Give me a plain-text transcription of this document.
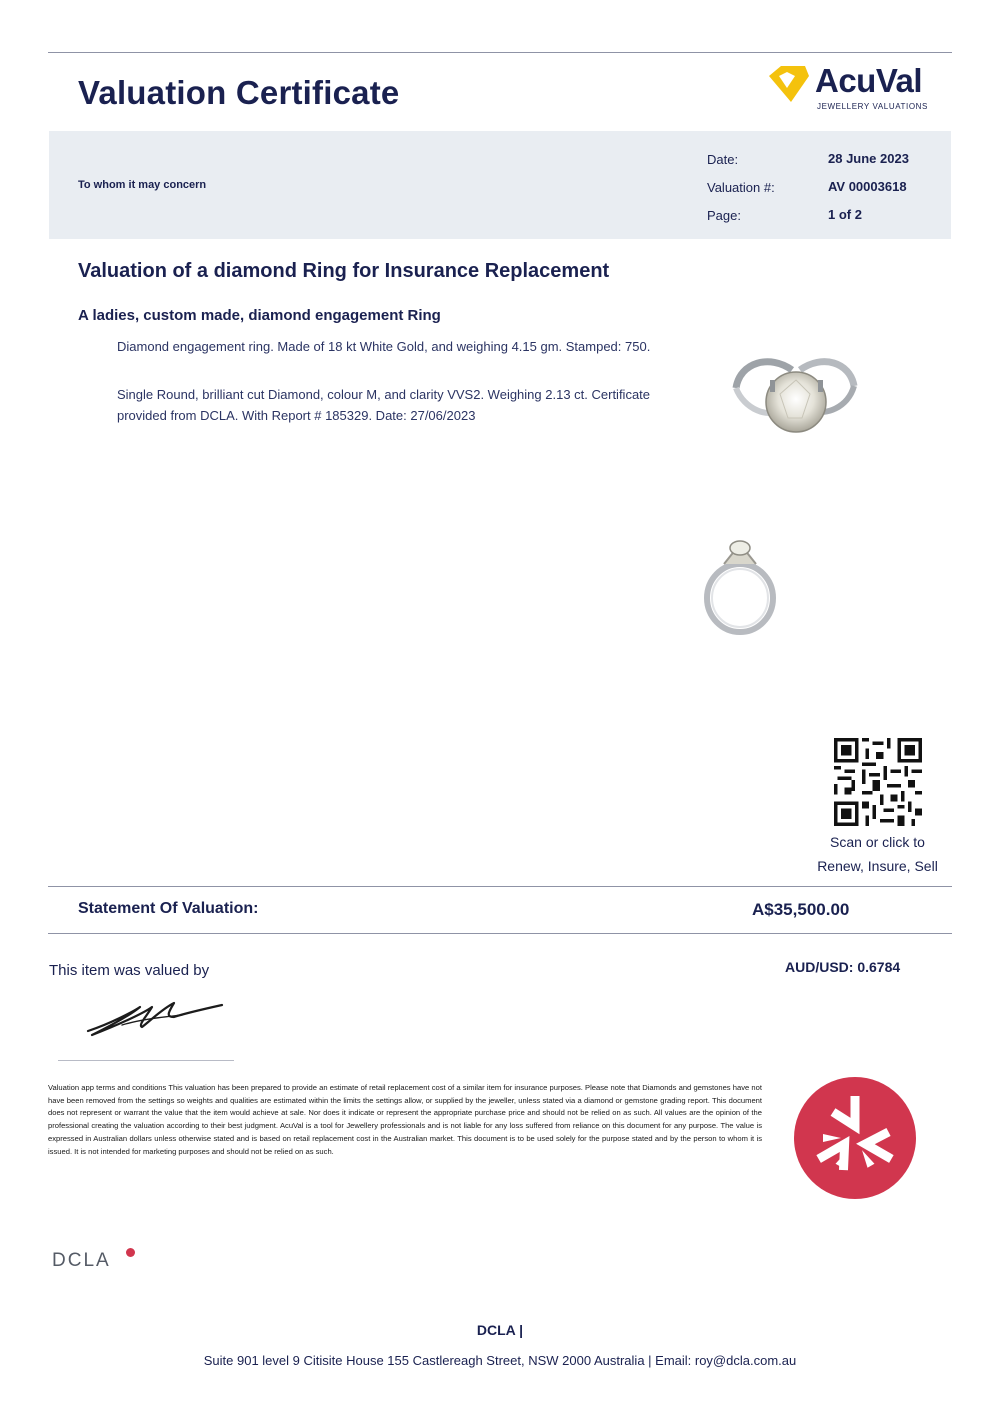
Valuation Certificate	AcuVal
JEWELLERY VALUATIONS
To whom it may concern
Date:	28 June 2023
Valuation #:	AV 00003618
Page:	1 of 2
Valuation of a diamond Ring for Insurance Replacement
A ladies, custom made, diamond engagement Ring
Diamond engagement ring. Made of 18 kt White Gold, and weighing 4.15 gm. Stamped: 750.
Single Round, brilliant cut Diamond, colour M, and clarity VVS2. Weighing 2.13 ct. Certificate provided from DCLA. With Report # 185329. Date: 27/06/2023
Scan or click to
Renew, Insure, Sell
Statement Of Valuation:	A$35,500.00
This item was valued by	AUD/USD: 0.6784
Valuation app terms and conditions This valuation has been prepared to provide an estimate of retail replacement cost of a similar item for insurance purposes. Please note that Diamonds and gemstones have not have been removed from the settings so weights and qualities are estimated within the limits the settings allow, or supplied by the jeweller, unless stated via a diamond or gemstone grading report. This document does not represent or warrant the value that the item would achieve at sale. Nor does it indicate or represent the appropriate purchase price and should not be relied on as such. All values are the opinion of the professional creating the valuation according to their best judgment. AcuVal is a tool for Jewellery professionals and is not liable for any loss suffered from reliance on this document for any purpose. The value is expressed in Australian dollars unless otherwise stated and is based on retail replacement cost in the Australian market. This document is to be used solely for the purpose stated and by the person to whom it is issued. It is not intended for marketing purposes and should not be relied on as such.
DCLA
DCLA |
Suite 901 level 9 Citisite House 155 Castlereagh Street, NSW 2000 Australia | Email: roy@dcla.com.au
